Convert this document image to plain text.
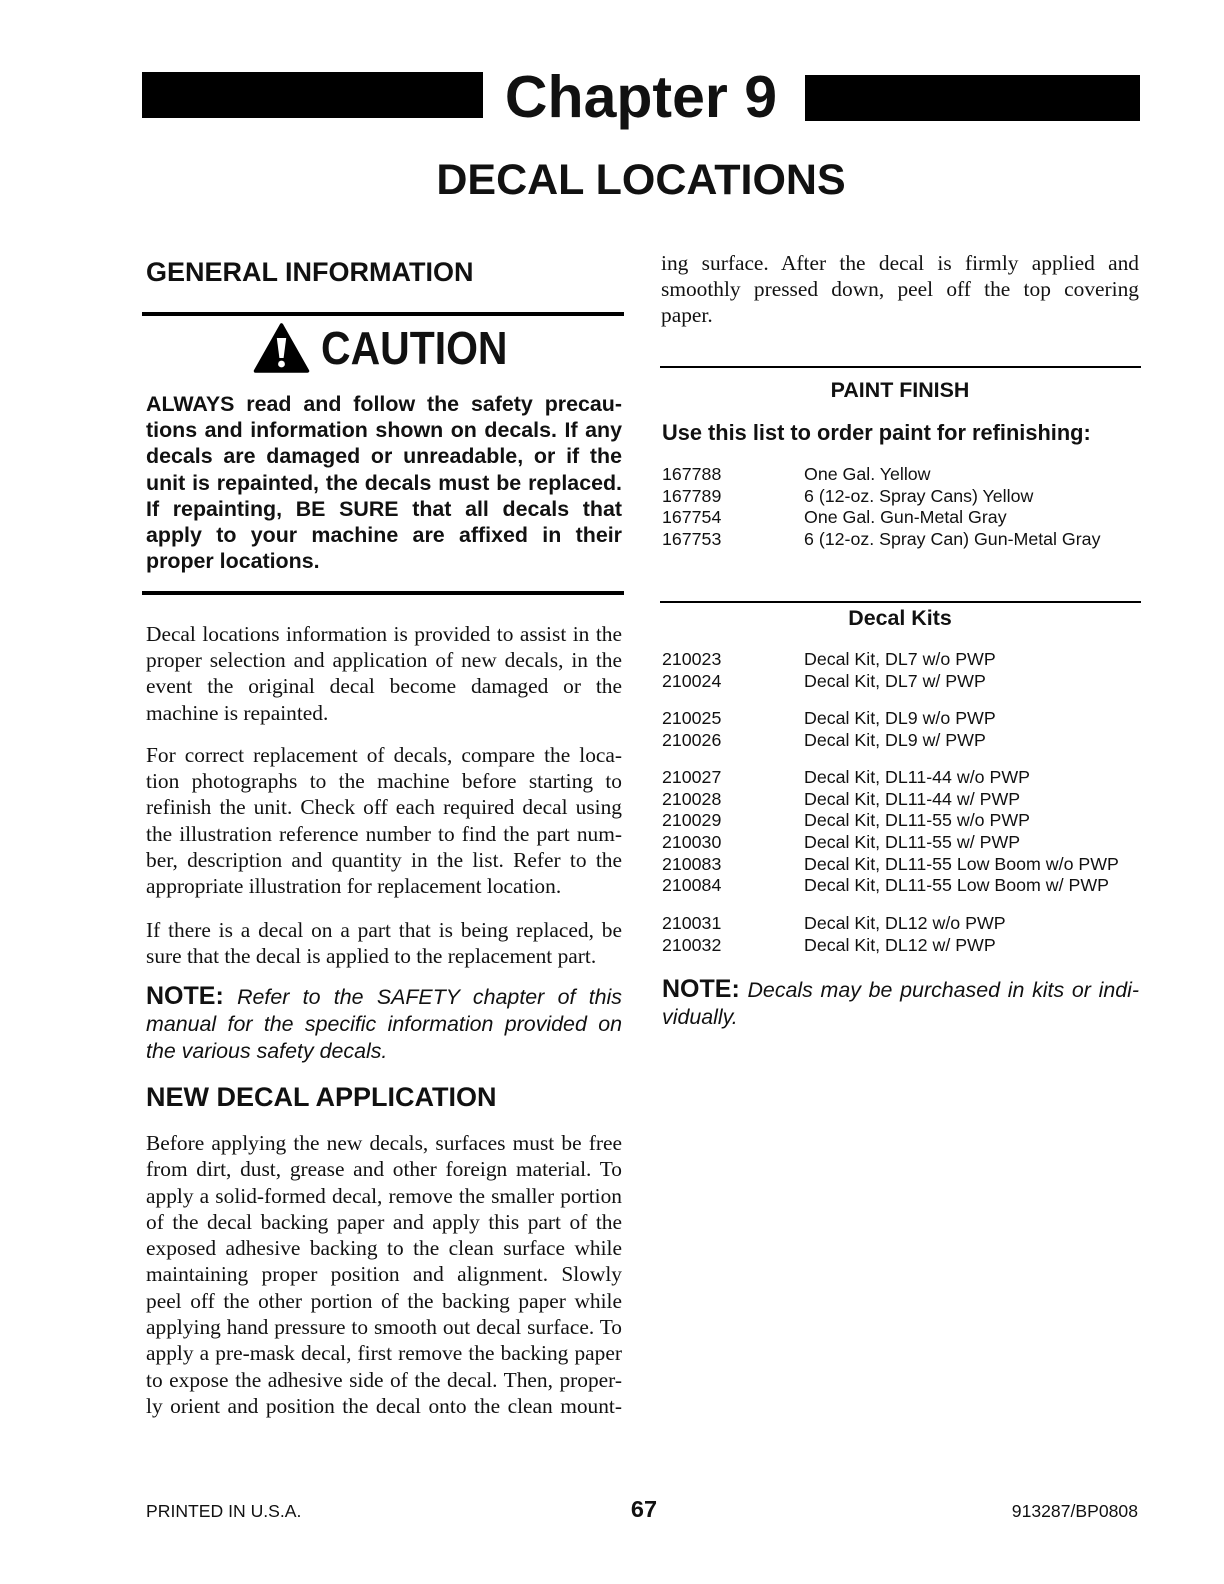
Chapter 9
DECAL LOCATIONS
GENERAL INFORMATION
CAUTION
ALWAYS read and follow the safety precau-
tions and information shown on decals. If any
decals are damaged or unreadable, or if the
unit is repainted, the decals must be replaced.
If repainting, BE SURE that all decals that
apply to your machine are affixed in their
proper locations.
Decal locations information is provided to assist in the
proper selection and application of new decals, in the
event the original decal become damaged or the
machine is repainted.
For correct replacement of decals, compare the loca-
tion photographs to the machine before starting to
refinish the unit. Check off each required decal using
the illustration reference number to find the part num-
ber, description and quantity in the list. Refer to the
appropriate illustration for replacement location.
If there is a decal on a part that is being replaced, be
sure that the decal is applied to the replacement part.
NOTE: Refer to the SAFETY chapter of this
manual for the specific information provided on
the various safety decals.
NEW DECAL APPLICATION
Before applying the new decals, surfaces must be free
from dirt, dust, grease and other foreign material. To
apply a solid-formed decal, remove the smaller portion
of the decal backing paper and apply this part of the
exposed adhesive backing to the clean surface while
maintaining proper position and alignment. Slowly
peel off the other portion of the backing paper while
applying hand pressure to smooth out decal surface. To
apply a pre-mask decal, first remove the backing paper
to expose the adhesive side of the decal. Then, proper-
ly orient and position the decal onto the clean mount-
ing surface. After the decal is firmly applied and
smoothly pressed down, peel off the top covering
paper.
PAINT FINISH
Use this list to order paint for refinishing:
167788	One Gal. Yellow
167789	6 (12-oz. Spray Cans) Yellow
167754	One Gal. Gun-Metal Gray
167753	6 (12-oz. Spray Can) Gun-Metal Gray
Decal Kits
210023	Decal Kit, DL7 w/o PWP
210024	Decal Kit, DL7 w/ PWP
210025	Decal Kit, DL9 w/o PWP
210026	Decal Kit, DL9 w/ PWP
210027	Decal Kit, DL11-44 w/o PWP
210028	Decal Kit, DL11-44 w/ PWP
210029	Decal Kit, DL11-55 w/o PWP
210030	Decal Kit, DL11-55 w/ PWP
210083	Decal Kit, DL11-55 Low Boom w/o PWP
210084	Decal Kit, DL11-55 Low Boom w/ PWP
210031	Decal Kit, DL12 w/o PWP
210032	Decal Kit, DL12 w/ PWP
NOTE: Decals may be purchased in kits or indi-
vidually.
PRINTED IN U.S.A.	67	913287/BP0808
